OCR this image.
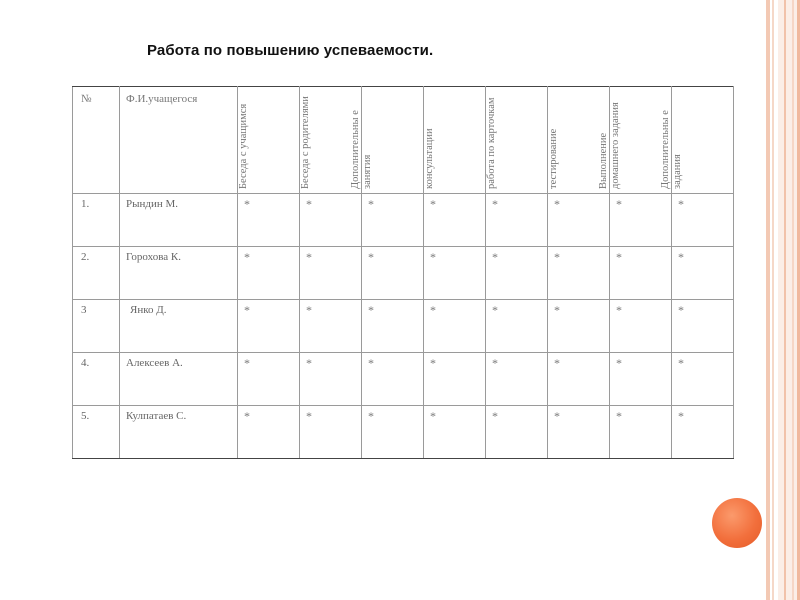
Работа по повышению успеваемости.
№	Ф.И.учащегося	Беседа с учащимся	Беседа с родителями	Дополнительны е занятия	консультации	работа по карточкам	тестирование	Выполнение домашнего задания	Дополнительны е задания

1.	Рындин М.	*	*	*	*	*	*	*	*

2.	Горохова К.	*	*	*	*	*	*	*	*

3	Янко Д.	*	*	*	*	*	*	*	*

4.	Алексеев А.	*	*	*	*	*	*	*	*

5.	Кулпатаев С.	*	*	*	*	*	*	*	*
